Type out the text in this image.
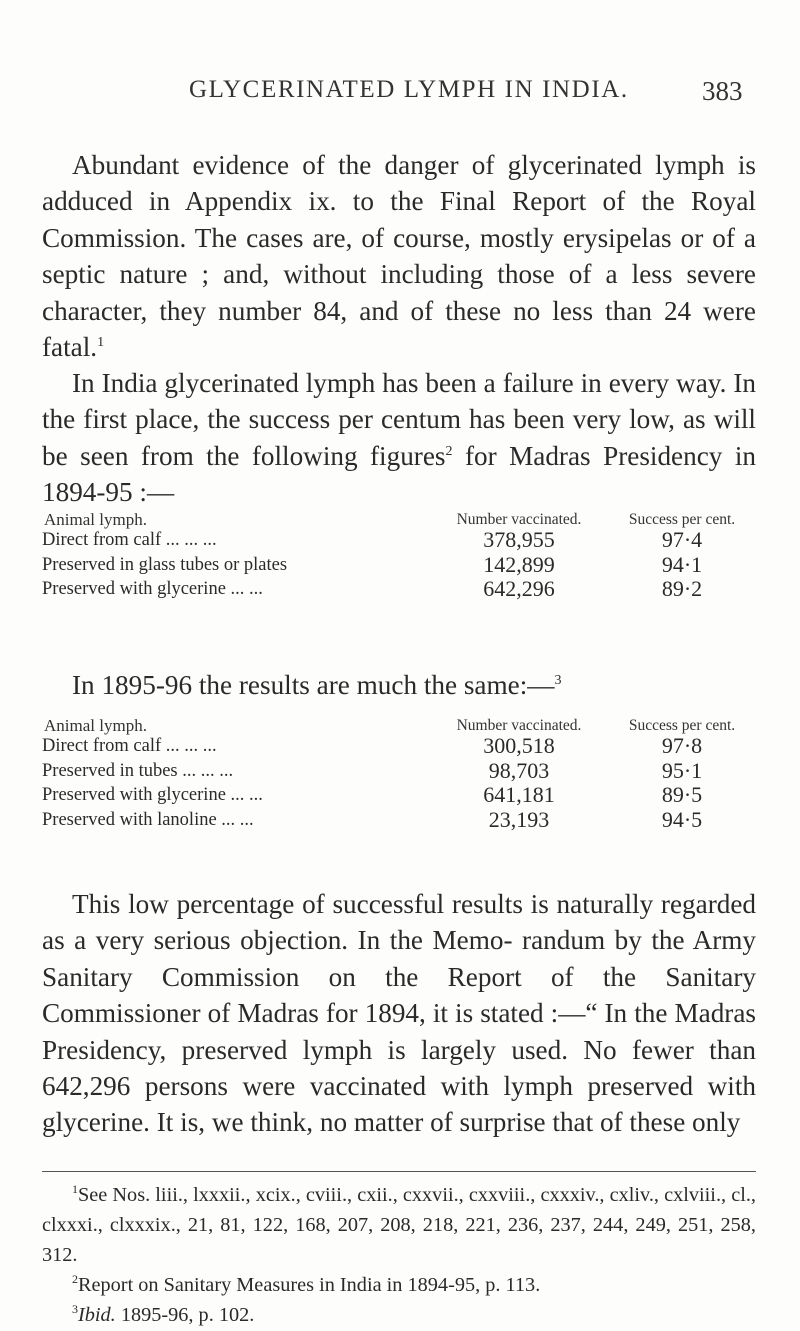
GLYCERINATED LYMPH IN INDIA.	383

Abundant evidence of the danger of glycerinated lymph is adduced in Appendix ix. to the Final Report of the Royal Commission. The cases are, of course, mostly erysipelas or of a septic nature ; and, without including those of a less severe character, they number 84, and of these no less than 24 were fatal.$^1$

In India glycerinated lymph has been a failure in every way. In the first place, the success per centum has been very low, as will be seen from the following figures$^2$ for Madras Presidency in 1894-95 :—

Animal lymph.	Number vaccinated.	Success per cent.
Direct from calf ... ... ...	378,955	97·4
Preserved in glass tubes or plates	142,899	94·1
Preserved with glycerine ... ...	642,296	89·2

In 1895-96 the results are much the same:—$^3$

Animal lymph.	Number vaccinated.	Success per cent.
Direct from calf ... ... ...	300,518	97·8
Preserved in tubes ... ... ...	98,703	95·1
Preserved with glycerine ... ...	641,181	89·5
Preserved with lanoline ... ...	23,193	94·5

This low percentage of successful results is naturally regarded as a very serious objection. In the Memo- randum by the Army Sanitary Commission on the Report of the Sanitary Commissioner of Madras for 1894, it is stated :—“ In the Madras Presidency, preserved lymph is largely used. No fewer than 642,296 persons were vaccinated with lymph preserved with glycerine. It is, we think, no matter of surprise that of these only

$^1$See Nos. liii., lxxxii., xcix., cviii., cxii., cxxvii., cxxviii., cxxxiv., cxliv., cxlviii., cl., clxxxi., clxxxix., 21, 81, 122, 168, 207, 208, 218, 221, 236, 237, 244, 249, 251, 258, 312.

$^2$Report on Sanitary Measures in India in 1894-95, p. 113.

$^3$Ibid. 1895-96, p. 102.
